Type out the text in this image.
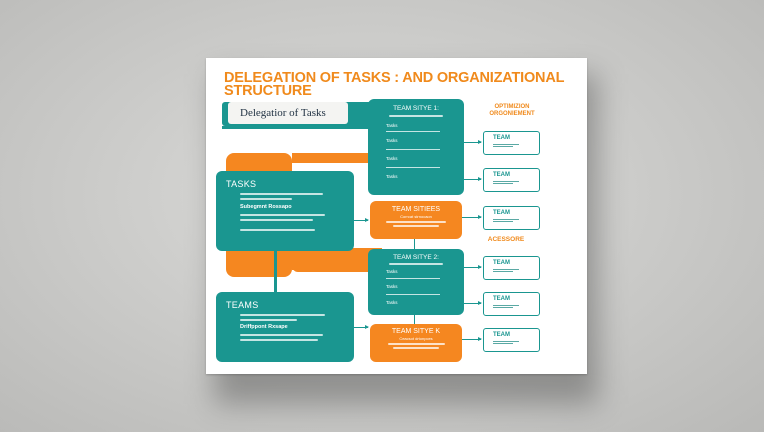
DELEGATION OF TASKS : AND ORGANIZATIONAL STRUCTURE
Delegatior of Tasks
TASKS
Subegmnt Rossapo
TEAMS
Driffppont Rxsape
TEAM SITYE 1:
Tasks
Tasks
Tasks
Tasks
TEAM SITIEES
Corrcat strnocaon
TEAM SITYE 2:
Tasks
Tasks
Tasks
TEAM SITYE K
Ceacsot drtonpces
OPTIMIZION ORGONIEMENT
ACESSORE
TEAM
TEAM
TEAM
TEAM
TEAM
TEAM
